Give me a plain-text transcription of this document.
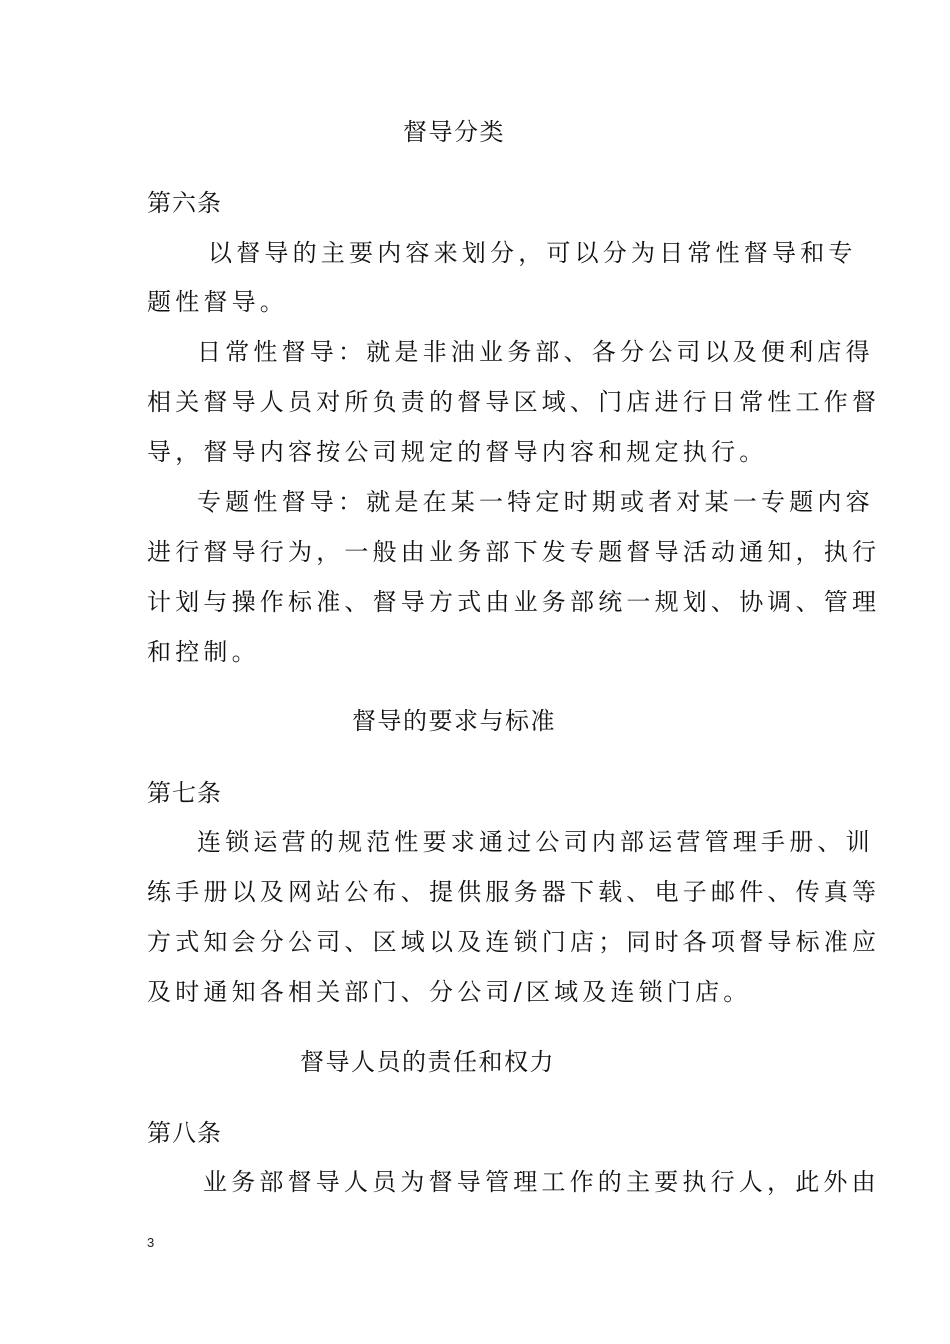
督导分类
第六条
以督导的主要内容来划分，可以分为日常性督导和专
题性督导。
日常性督导：就是非油业务部、各分公司以及便利店得
相关督导人员对所负责的督导区域、门店进行日常性工作督
导，督导内容按公司规定的督导内容和规定执行。
专题性督导：就是在某一特定时期或者对某一专题内容
进行督导行为，一般由业务部下发专题督导活动通知，执行
计划与操作标准、督导方式由业务部统一规划、协调、管理
和控制。
督导的要求与标准
第七条
连锁运营的规范性要求通过公司内部运营管理手册、训
练手册以及网站公布、提供服务器下载、电子邮件、传真等
方式知会分公司、区域以及连锁门店；同时各项督导标准应
及时通知各相关部门、分公司/区域及连锁门店。
督导人员的责任和权力
第八条
业务部督导人员为督导管理工作的主要执行人，此外由
3
